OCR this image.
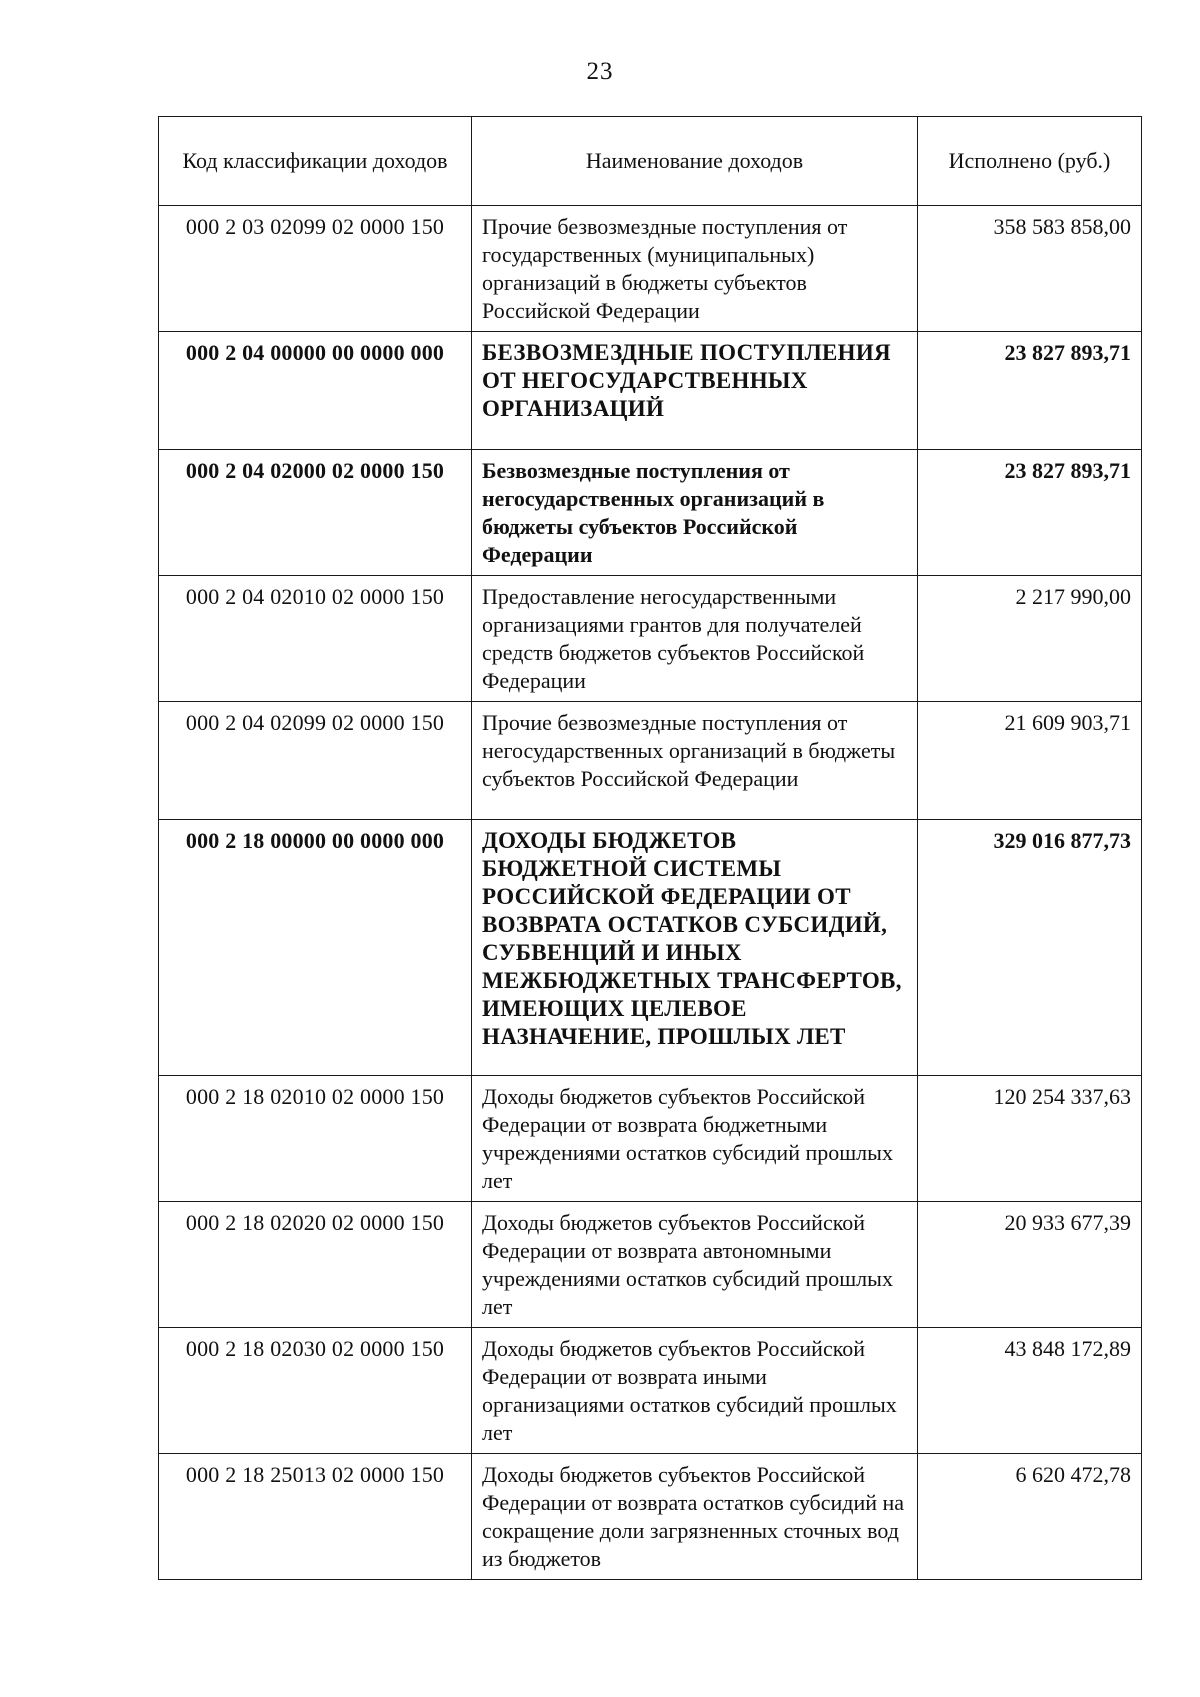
23
Код классификации доходов	Наименование доходов	Исполнено (руб.)
000 2 03 02099 02 0000 150	Прочие безвозмездные поступления от государственных (муниципальных) организаций в бюджеты субъектов Российской Федерации	358 583 858,00
000 2 04 00000 00 0000 000	БЕЗВОЗМЕЗДНЫЕ ПОСТУПЛЕНИЯ ОТ НЕГОСУДАРСТВЕННЫХ ОРГАНИЗАЦИЙ	23 827 893,71
000 2 04 02000 02 0000 150	Безвозмездные поступления от негосударственных организаций в бюджеты субъектов Российской Федерации	23 827 893,71
000 2 04 02010 02 0000 150	Предоставление негосударственными организациями грантов для получателей средств бюджетов субъектов Российской Федерации	2 217 990,00
000 2 04 02099 02 0000 150	Прочие безвозмездные поступления от негосударственных организаций в бюджеты субъектов Российской Федерации	21 609 903,71
000 2 18 00000 00 0000 000	ДОХОДЫ БЮДЖЕТОВ БЮДЖЕТНОЙ СИСТЕМЫ РОССИЙСКОЙ ФЕДЕРАЦИИ ОТ ВОЗВРАТА ОСТАТКОВ СУБСИДИЙ, СУБВЕНЦИЙ И ИНЫХ МЕЖБЮДЖЕТНЫХ ТРАНСФЕРТОВ, ИМЕЮЩИХ ЦЕЛЕВОЕ НАЗНАЧЕНИЕ, ПРОШЛЫХ ЛЕТ	329 016 877,73
000 2 18 02010 02 0000 150	Доходы бюджетов субъектов Российской Федерации от возврата бюджетными учреждениями остатков субсидий прошлых лет	120 254 337,63
000 2 18 02020 02 0000 150	Доходы бюджетов субъектов Российской Федерации от возврата автономными учреждениями остатков субсидий прошлых лет	20 933 677,39
000 2 18 02030 02 0000 150	Доходы бюджетов субъектов Российской Федерации от возврата иными организациями остатков субсидий прошлых лет	43 848 172,89
000 2 18 25013 02 0000 150	Доходы бюджетов субъектов Российской Федерации от возврата остатков субсидий на сокращение доли загрязненных сточных вод из бюджетов	6 620 472,78
